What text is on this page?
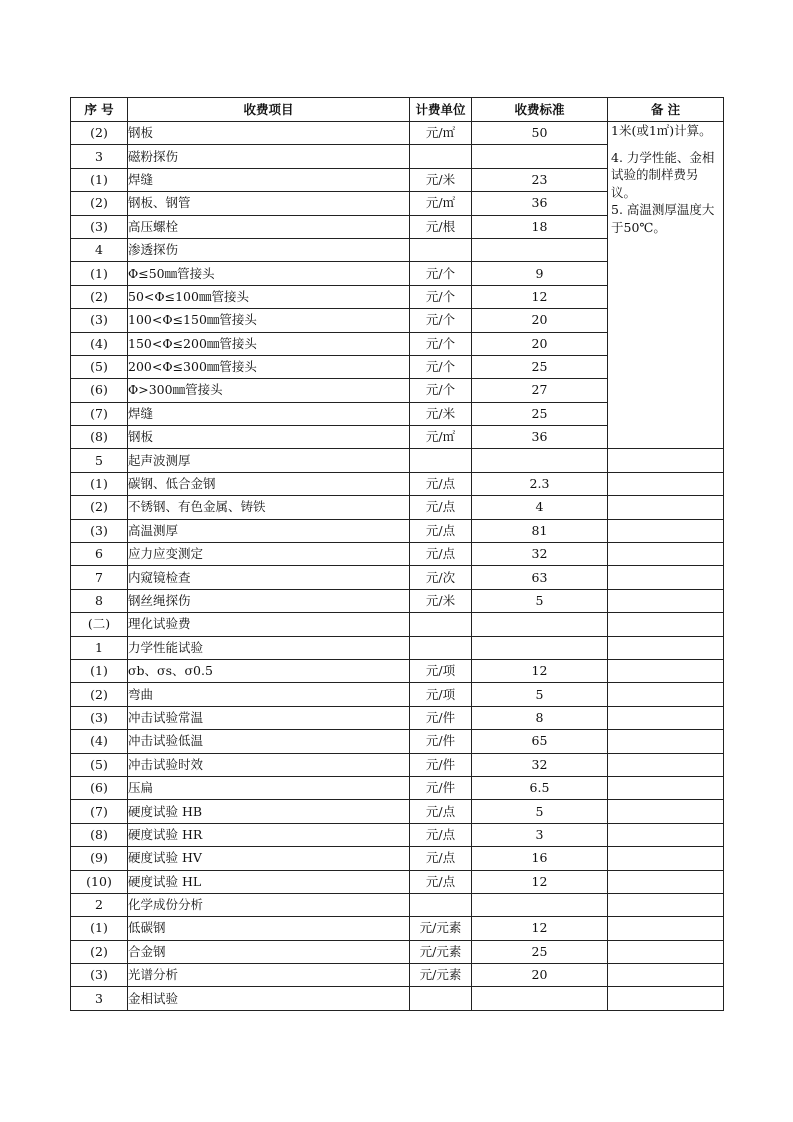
序 号	收费项目	计费单位	收费标准	备 注
(2)	钢板	元/㎡	50	1米(或1㎡)计算。
4. 力学性能、金相试验的制样费另议。
5. 高温测厚温度大于50℃。

3	磁粉探伤			
(1)	焊缝	元/米	23	
(2)	钢板、钢管	元/㎡	36	
(3)	高压螺栓	元/根	18	
4	渗透探伤			
(1)	Φ≤50㎜管接头	元/个	9	
(2)	50<Φ≤100㎜管接头	元/个	12	
(3)	100<Φ≤150㎜管接头	元/个	20	
(4)	150<Φ≤200㎜管接头	元/个	20	
(5)	200<Φ≤300㎜管接头	元/个	25	
(6)	Φ>300㎜管接头	元/个	27	
(7)	焊缝	元/米	25	
(8)	钢板	元/㎡	36	
5	起声波测厚			
(1)	碳钢、低合金钢	元/点	2.3	
(2)	不锈钢、有色金属、铸铁	元/点	4	
(3)	高温测厚	元/点	81	
6	应力应变测定	元/点	32	
7	内窥镜检查	元/次	63	
8	钢丝绳探伤	元/米	5	
(二)	理化试验费			
1	力学性能试验			
(1)	σb、σs、σ0.5	元/项	12	
(2)	弯曲	元/项	5	
(3)	冲击试验常温	元/件	8	
(4)	冲击试验低温	元/件	65	
(5)	冲击试验时效	元/件	32	
(6)	压扁	元/件	6.5	
(7)	硬度试验 HB	元/点	5	
(8)	硬度试验 HR	元/点	3	
(9)	硬度试验 HV	元/点	16	
(10)	硬度试验 HL	元/点	12	
2	化学成份分析			
(1)	低碳钢	元/元素	12	
(2)	合金钢	元/元素	25	
(3)	光谱分析	元/元素	20	
3	金相试验			
